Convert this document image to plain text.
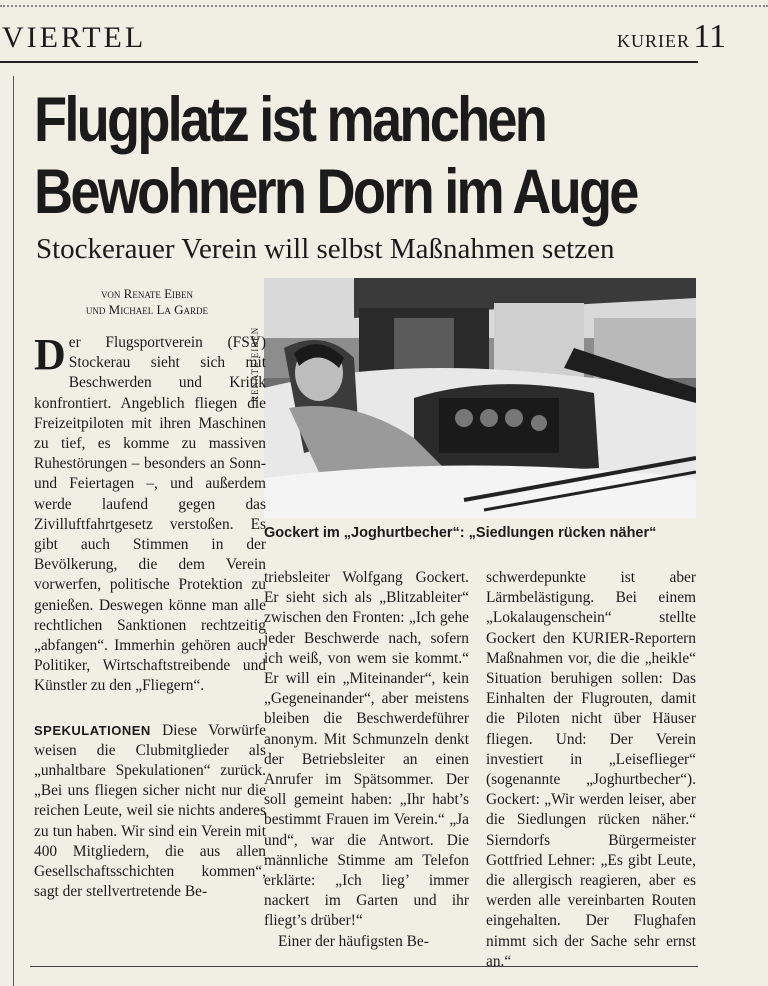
VIERTEL	KURIER 11
Flugplatz ist manchen
Bewohnern Dorn im Auge
Stockerauer Verein will selbst Maßnahmen setzen
von Renate Eiben
und Michael La Garde
RENATE EIBEN
Gockert im „Joghurtbecher“: „Siedlungen rücken näher“

Der Flugsportverein (FSV) Stockerau sieht sich mit Beschwerden und Kritik konfrontiert. Angeblich fliegen die Freizeitpiloten mit ihren Maschinen zu tief, es komme zu massiven Ruhestörungen – besonders an Sonn- und Feiertagen –, und außerdem werde laufend gegen das Zivilluftfahrtgesetz verstoßen. Es gibt auch Stimmen in der Bevölkerung, die dem Verein vorwerfen, politische Protektion zu genießen. Deswegen könne man alle rechtlichen Sanktionen rechtzeitig „abfangen“. Immerhin gehören auch Politiker, Wirtschaftstreibende und Künstler zu den „Fliegern“.

SPEKULATIONEN Diese Vorwürfe weisen die Clubmitglieder als „unhaltbare Spekulationen“ zurück. „Bei uns fliegen sicher nicht nur die reichen Leute, weil sie nichts anderes zu tun haben. Wir sind ein Verein mit 400 Mitgliedern, die aus allen Gesellschaftsschichten kommen“, sagt der stellvertretende Be-

triebsleiter Wolfgang Gockert. Er sieht sich als „Blitzableiter“ zwischen den Fronten: „Ich gehe jeder Beschwerde nach, sofern ich weiß, von wem sie kommt.“ Er will ein „Miteinander“, kein „Gegeneinander“, aber meistens bleiben die Beschwerdeführer anonym. Mit Schmunzeln denkt der Betriebsleiter an einen Anrufer im Spätsommer. Der soll gemeint haben: „Ihr habt’s bestimmt Frauen im Verein.“ „Ja und“, war die Antwort. Die männliche Stimme am Telefon erklärte: „Ich lieg’ immer nackert im Garten und ihr fliegt’s drüber!“

Einer der häufigsten Be-

schwerdepunkte ist aber Lärmbelästigung. Bei einem „Lokalaugenschein“ stellte Gockert den KURIER-Reportern Maßnahmen vor, die die „heikle“ Situation beruhigen sollen: Das Einhalten der Flugrouten, damit die Piloten nicht über Häuser fliegen. Und: Der Verein investiert in „Leiseflieger“ (sogenannte „Joghurtbecher“). Gockert: „Wir werden leiser, aber die Siedlungen rücken näher.“ Sierndorfs Bürgermeister Gottfried Lehner: „Es gibt Leute, die allergisch reagieren, aber es werden alle vereinbarten Routen eingehalten. Der Flughafen nimmt sich der Sache sehr ernst an.“
